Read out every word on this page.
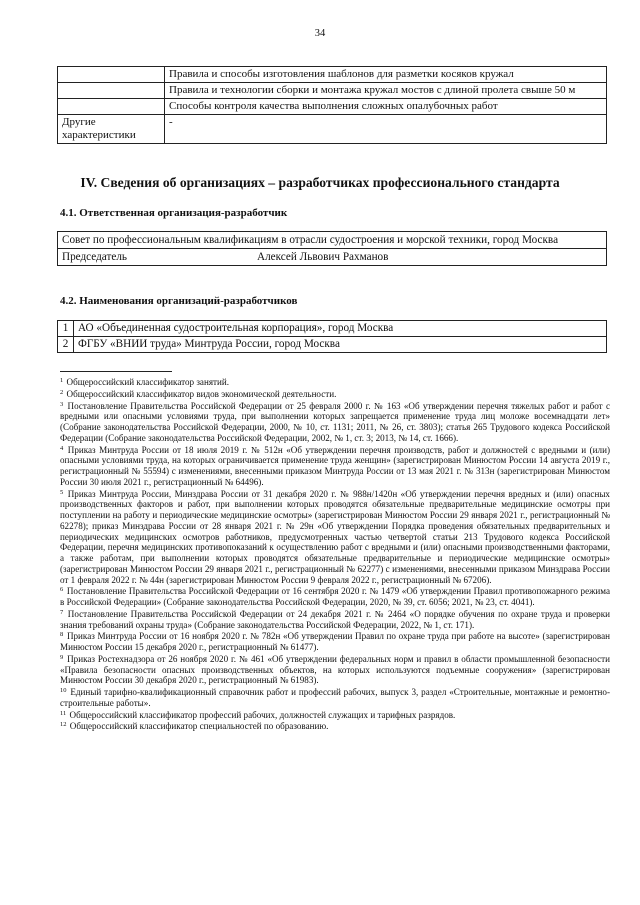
34
	Правила и способы изготовления шаблонов для разметки косяков кружал
	Правила и технологии сборки и монтажа кружал мостов с длиной пролета свыше 50 м
	Способы контроля качества выполнения сложных опалубочных работ
Другие характеристики	-
IV. Сведения об организациях – разработчиках профессионального стандарта
4.1. Ответственная организация-разработчик
Совет по профессиональным квалификациям в отрасли судостроения и морской техники, город Москва

Председатель	Алексей Львович Рахманов
4.2. Наименования организаций-разработчиков
1	АО «Объединенная судостроительная корпорация», город Москва
2	ФГБУ «ВНИИ труда» Минтруда России, город Москва

$^1$ Общероссийский классификатор занятий.

$^2$ Общероссийский классификатор видов экономической деятельности.

$^3$ Постановление Правительства Российской Федерации от 25 февраля 2000 г. № 163 «Об утверждении перечня тяжелых работ и работ с вредными или опасными условиями труда, при выполнении которых запрещается применение труда лиц моложе восемнадцати лет» (Собрание законодательства Российской Федерации, 2000, № 10, ст. 1131; 2011, № 26, ст. 3803); статья 265 Трудового кодекса Российской Федерации (Собрание законодательства Российской Федерации, 2002, № 1, ст. 3; 2013, № 14, ст. 1666).

$^4$ Приказ Минтруда России от 18 июля 2019 г. № 512н «Об утверждении перечня производств, работ и должностей с вредными и (или) опасными условиями труда, на которых ограничивается применение труда женщин» (зарегистрирован Минюстом России 14 августа 2019 г., регистрационный № 55594) с изменениями, внесенными приказом Минтруда России от 13 мая 2021 г. № 313н (зарегистрирован Минюстом России 30 июля 2021 г., регистрационный № 64496).

$^5$ Приказ Минтруда России, Минздрава России от 31 декабря 2020 г. № 988н/1420н «Об утверждении перечня вредных и (или) опасных производственных факторов и работ, при выполнении которых проводятся обязательные предварительные медицинские осмотры при поступлении на работу и периодические медицинские осмотры» (зарегистрирован Минюстом России 29 января 2021 г., регистрационный № 62278); приказ Минздрава России от 28 января 2021 г. № 29н «Об утверждении Порядка проведения обязательных предварительных и периодических медицинских осмотров работников, предусмотренных частью четвертой статьи 213 Трудового кодекса Российской Федерации, перечня медицинских противопоказаний к осуществлению работ с вредными и (или) опасными производственными факторами, а также работам, при выполнении которых проводятся обязательные предварительные и периодические медицинские осмотры» (зарегистрирован Минюстом России 29 января 2021 г., регистрационный № 62277) с изменениями, внесенными приказом Минздрава России от 1 февраля 2022 г. № 44н (зарегистрирован Минюстом России 9 февраля 2022 г., регистрационный № 67206).

$^6$ Постановление Правительства Российской Федерации от 16 сентября 2020 г. № 1479 «Об утверждении Правил противопожарного режима в Российской Федерации» (Собрание законодательства Российской Федерации, 2020, № 39, ст. 6056; 2021, № 23, ст. 4041).

$^7$ Постановление Правительства Российской Федерации от 24 декабря 2021 г. № 2464 «О порядке обучения по охране труда и проверки знания требований охраны труда» (Собрание законодательства Российской Федерации, 2022, № 1, ст. 171).

$^8$ Приказ Минтруда России от 16 ноября 2020 г. № 782н «Об утверждении Правил по охране труда при работе на высоте» (зарегистрирован Минюстом России 15 декабря 2020 г., регистрационный № 61477).

$^9$ Приказ Ростехнадзора от 26 ноября 2020 г. № 461 «Об утверждении федеральных норм и правил в области промышленной безопасности «Правила безопасности опасных производственных объектов, на которых используются подъемные сооружения» (зарегистрирован Минюстом России 30 декабря 2020 г., регистрационный № 61983).

$^{10}$ Единый тарифно-квалификационный справочник работ и профессий рабочих, выпуск 3, раздел «Строительные, монтажные и ремонтно-строительные работы».

$^{11}$ Общероссийский классификатор профессий рабочих, должностей служащих и тарифных разрядов.

$^{12}$ Общероссийский классификатор специальностей по образованию.
